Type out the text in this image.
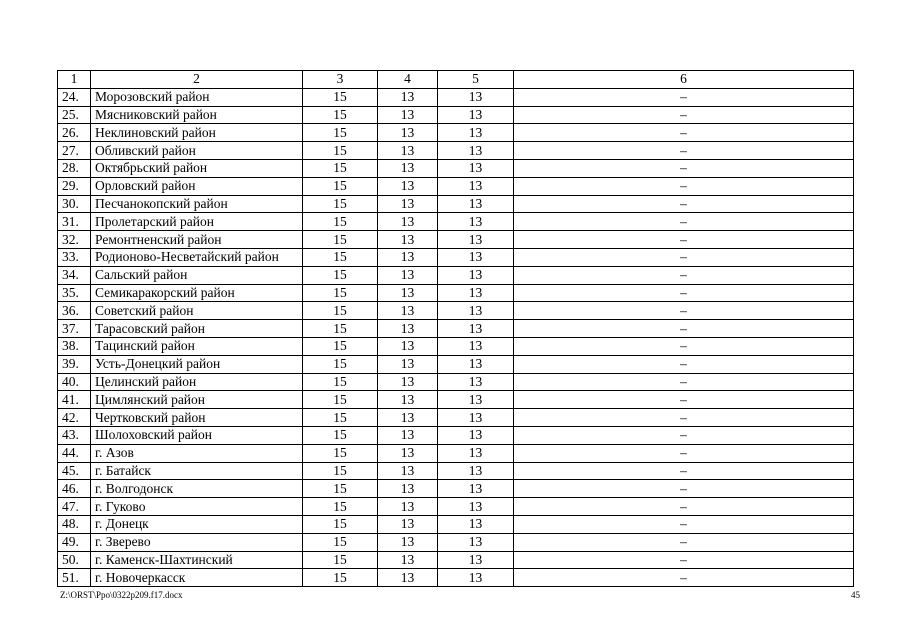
1	2	3	4	5	6
24.	Морозовский район	15	13	13	–
25.	Мясниковский район	15	13	13	–
26.	Неклиновский район	15	13	13	–
27.	Обливский район	15	13	13	–
28.	Октябрьский район	15	13	13	–
29.	Орловский район	15	13	13	–
30.	Песчанокопский район	15	13	13	–
31.	Пролетарский район	15	13	13	–
32.	Ремонтненский район	15	13	13	–
33.	Родионово-Несветайский район	15	13	13	–
34.	Сальский район	15	13	13	–
35.	Семикаракорский район	15	13	13	–
36.	Советский район	15	13	13	–
37.	Тарасовский район	15	13	13	–
38.	Тацинский район	15	13	13	–
39.	Усть-Донецкий район	15	13	13	–
40.	Целинский район	15	13	13	–
41.	Цимлянский район	15	13	13	–
42.	Чертковский район	15	13	13	–
43.	Шолоховский район	15	13	13	–
44.	г. Азов	15	13	13	–
45.	г. Батайск	15	13	13	–
46.	г. Волгодонск	15	13	13	–
47.	г. Гуково	15	13	13	–
48.	г. Донецк	15	13	13	–
49.	г. Зверево	15	13	13	–
50.	г. Каменск-Шахтинский	15	13	13	–
51.	г. Новочеркасск	15	13	13	–
Z:\ORST\Ppo\0322p209.f17.docx	45
